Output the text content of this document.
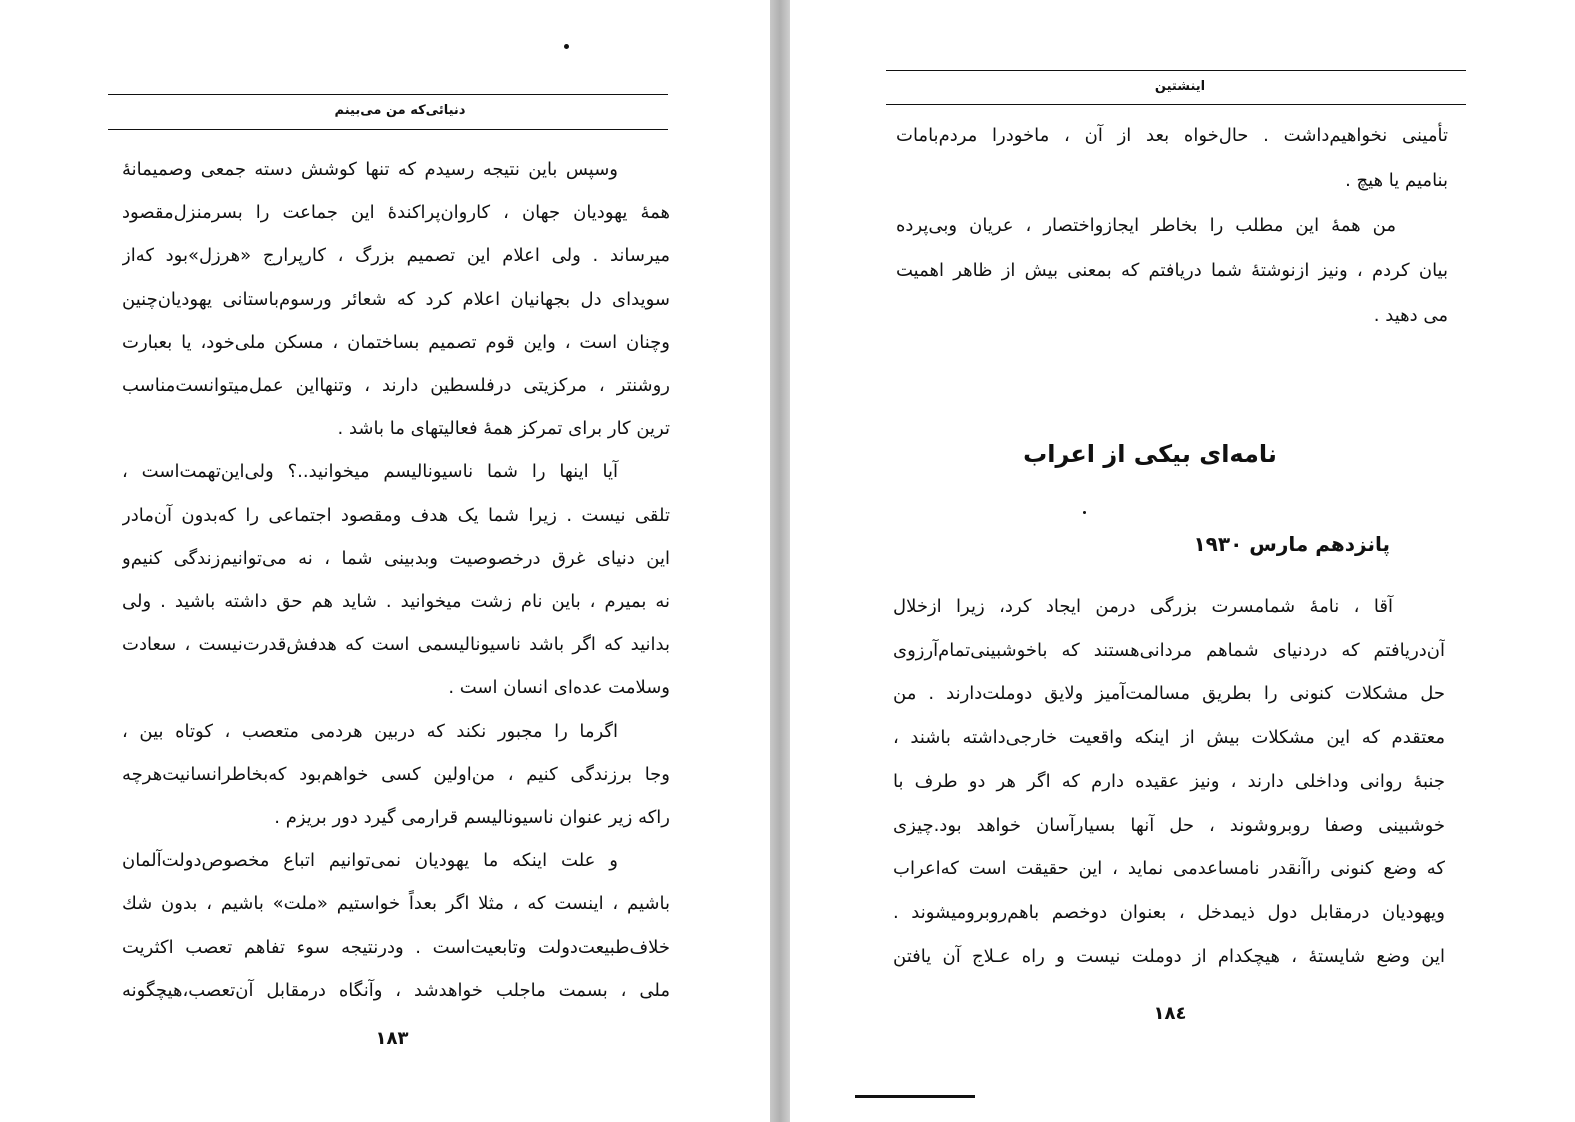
دنیائی‌که من می‌بینم
وسپس باین نتیجه رسیدم که تنها کوشش دسته جمعی وصمیمانهٔ
همهٔ یهودیان جهان ، کاروان‌پراکندهٔ این جماعت را بسرمنزل‌مقصود
میرساند . ولی اعلام این تصمیم بزرگ ، کارپرارج «هرزل»بود که‌از
سویدای دل بجهانیان اعلام کرد که شعائر ورسوم‌باستانی یهودیان‌چنین
وچنان است ، واین قوم تصمیم بساختمان ، مسکن ملی‌خود، یا بعبارت
روشنتر ، مرکزیتی درفلسطین دارند ، وتنهااین عمل‌میتوانست‌مناسب‌
ترین کار برای تمرکز همهٔ فعالیتهای ما باشد .
آیا اینها را شما ناسیونالیسم میخوانید..؟ ولی‌این‌تهمت‌است ،
تلقی نیست . زیرا شما یک هدف ومقصود اجتماعی را که‌بدون آن‌مادر
این دنیای غرق درخصوصیت وبدبینی شما ، نه می‌توانیم‌زندگی کنیم‌و
نه بمیرم ، باین نام زشت میخوانید . شاید هم حق داشته باشید . ولی
بدانید که اگر باشد ناسیونالیسمی است که هدفش‌قدرت‌نیست ، سعادت
وسلامت عده‌ای انسان است .
اگرما را مجبور نکند که دربین هردمی متعصب ، کوتاه بین ،
وجا برزندگی کنیم ، من‌اولین کسی خواهم‌بود که‌بخاطرانسانیت‌هرچه
راکه زیر عنوان ناسیونالیسم قرارمی گیرد دور بریزم .
و علت اینکه ما یهودیان نمی‌توانیم اتباع مخصوص‌دولت‌آلمان
باشیم ، اینست که ، مثلا اگر بعداً خواستیم «ملت» باشیم ، بدون شك
خلاف‌طبیعت‌دولت وتابعیت‌است . ودرنتیجه سوء تفاهم تعصب اکثریت
ملی ، بسمت ماجلب خواهدشد ، وآنگاه درمقابل آن‌تعصب،هیچگونه
۱۸۳
اینشتین
تأمینی نخواهیم‌داشت . حال‌خواه بعد از آن ، ماخودرا مردم‌بامات
بنامیم یا هیچ .
من همهٔ این مطلب را بخاطر ایجازواختصار ، عریان وبی‌پرده
بیان کردم ، ونیز ازنوشتهٔ شما دریافتم که بمعنی بیش از ظاهر اهمیت
می دهید .
نامه‌ای بیکی از اعراب
پانزدهم مارس ۱۹۳۰
آقا ، نامهٔ شمامسرت بزرگی درمن ایجاد کرد، زیرا ازخلال
آن‌دریافتم که دردنیای شماهم مردانی‌هستند که باخوشبینی‌تمام‌آرزوی
حل مشکلات کنونی را بطریق مسالمت‌آمیز ولایق دوملت‌دارند . من
معتقدم که این مشکلات بیش از اینکه واقعیت خارجی‌داشته باشند ،
جنبهٔ روانی وداخلی دارند ، ونیز عقیده دارم که اگر هر دو طرف با
خوشبینی وصفا روبروشوند ، حل آنها بسیارآسان خواهد بود.چیزی
که وضع کنونی راآنقدر نامساعدمی نماید ، این حقیقت است که‌اعراب
ویهودیان درمقابل دول ذیمدخل ، بعنوان دوخصم باهم‌روبرومیشوند .
این وضع شایستهٔ ، هیچکدام از دوملت نیست و راه عـلاج آن یافتن
۱۸٤
